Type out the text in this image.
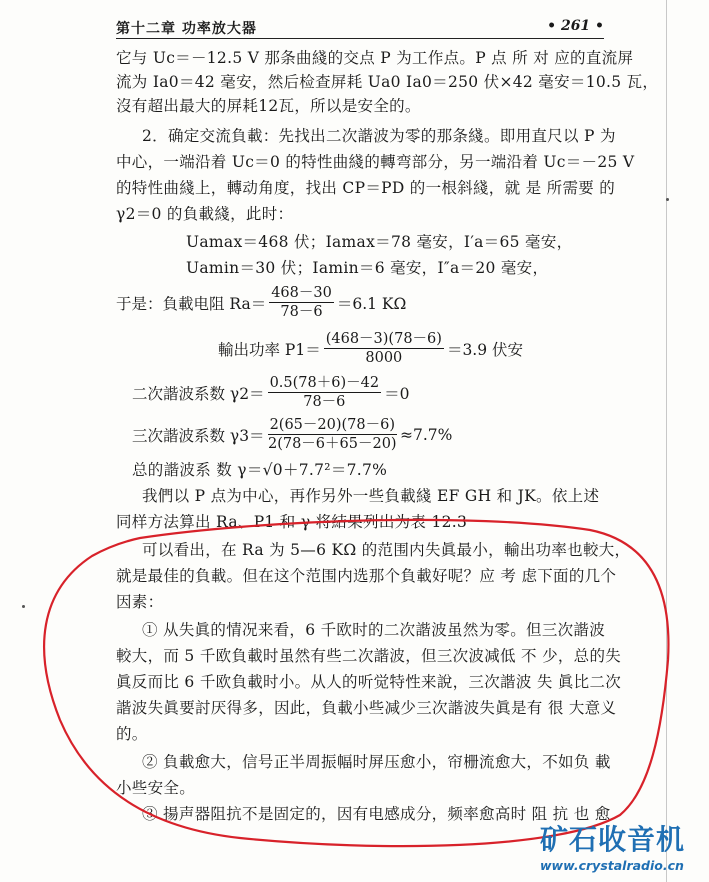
第十二章 功率放大器	• 261 •
它与 Uc＝－12.5 V 那条曲綫的交点 P 为工作点。P 点 所 对 应的直流屏
流为 Ia0＝42 毫安，然后检查屏耗 Ua0 Ia0＝250 伏×42 毫安＝10.5 瓦，
沒有超出最大的屏耗12瓦，所以是安全的。
2．确定交流負載：先找出二次諧波为零的那条綫。即用直尺以 P 为
中心，一端沿着 Uc＝0 的特性曲綫的轉弯部分，另一端沿着 Uc＝－25 V
的特性曲綫上，轉动角度，找出 CP＝PD 的一根斜綫，就 是 所需要 的
γ2＝0 的負載綫，此时：
Uamax＝468 伏；Iamax＝78 毫安，I′a＝65 毫安，
Uamin＝30 伏；Iamin＝6 毫安，I″a＝20 毫安，
于是：負載电阻 $Ra= \frac{468-30}{78-6} =6.1$ KΩ
輸出功率 $P1= \frac{(468-3)(78-6)}{8000} =3.9$ 伏安
二次諧波系数 $\gamma 2= \frac{0.5(78+6)-42}{78-6} =0$
三次諧波系数 $\gamma 3= \frac{2(65-20)(78-6)}{2(78-6+65-20)} \approx 7.7\%$
总的諧波系 数 γ＝√0＋7.7²＝7.7%
我們以 P 点为中心，再作另外一些負載綫 EF GH 和 JK。依上述
同样方法算出 Ra、P1 和 γ 将結果列出为表 12.3
可以看出，在 Ra 为 5—6 KΩ 的范围内失眞最小，輸出功率也較大，
就是最佳的負載。但在这个范围内选那个負載好呢？应 考 虑下面的几个
因素：
① 从失眞的情况来看，6 千欧时的二次諧波虽然为零。但三次諧波
較大，而 5 千欧負載时虽然有些二次諧波，但三次波减低 不 少，总的失
眞反而比 6 千欧負載时小。从人的听觉特性来說，三次諧波 失 眞比二次
諧波失眞要討厌得多，因此，負載小些减少三次諧波失眞是有 很 大意义
的。
② 負載愈大，信号正半周振幅时屏压愈小，帘栅流愈大，不如负 載
小些安全。
③ 揚声器阻抗不是固定的，因有电感成分，频率愈高时 阻 抗 也 愈
矿石收音机
www.crystalradio.cn
